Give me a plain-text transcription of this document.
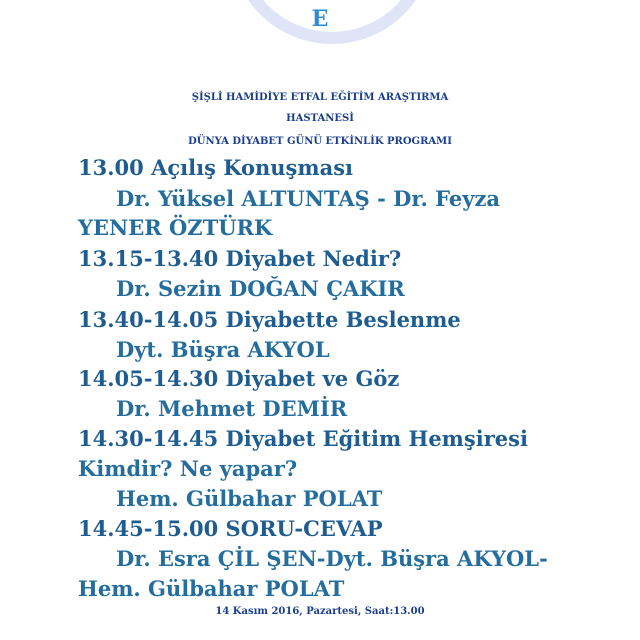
E
ŞİŞLİ HAMİDİYE ETFAL EĞİTİM ARAŞTIRMA
HASTANESİ
DÜNYA DİYABET GÜNÜ ETKİNLİK PROGRAMI
13.00 Açılış Konuşması
Dr. Yüksel ALTUNTAŞ - Dr. Feyza
YENER ÖZTÜRK
13.15-13.40 Diyabet Nedir?
Dr. Sezin DOĞAN ÇAKIR
13.40-14.05 Diyabette Beslenme
Dyt. Büşra AKYOL
14.05-14.30 Diyabet ve Göz
Dr. Mehmet DEMİR
14.30-14.45 Diyabet Eğitim Hemşiresi
Kimdir? Ne yapar?
Hem. Gülbahar POLAT
14.45-15.00 SORU-CEVAP
Dr. Esra ÇİL ŞEN-Dyt. Büşra AKYOL-
Hem. Gülbahar POLAT
14 Kasım 2016, Pazartesi, Saat:13.00
